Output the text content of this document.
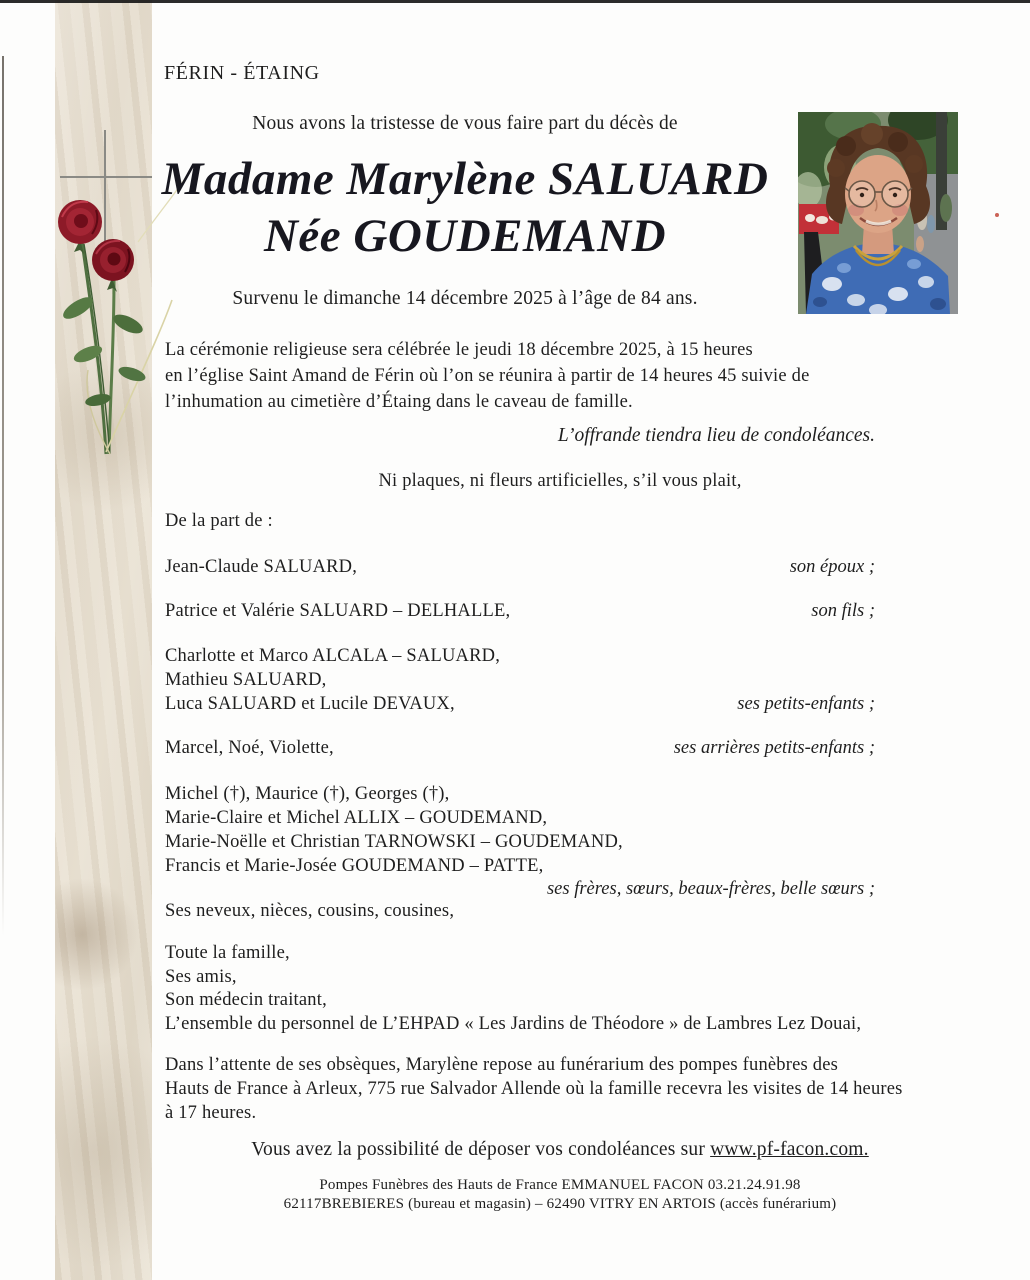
FÉRIN - ÉTAING
Nous avons la tristesse de vous faire part du décès de
Madame Marylène SALUARD
Née GOUDEMAND
Survenu le dimanche 14 décembre 2025 à l’âge de 84 ans.
La cérémonie religieuse sera célébrée le jeudi 18 décembre 2025, à 15 heures
en l’église Saint Amand de Férin où l’on se réunira à partir de 14 heures 45 suivie de
l’inhumation au cimetière d’Étaing dans le caveau de famille.
L’offrande tiendra lieu de condoléances.
Ni plaques, ni fleurs artificielles, s’il vous plait,
De la part de :
Jean-Claude SALUARD,	son époux ;
Patrice et Valérie SALUARD – DELHALLE,	son fils ;
Charlotte et Marco ALCALA – SALUARD,
Mathieu SALUARD,
Luca SALUARD et Lucile DEVAUX,	ses petits-enfants ;
Marcel, Noé, Violette,	ses arrières petits-enfants ;
Michel (†), Maurice (†), Georges (†),
Marie-Claire et Michel ALLIX – GOUDEMAND,
Marie-Noëlle et Christian TARNOWSKI – GOUDEMAND,
Francis et Marie-Josée GOUDEMAND – PATTE,
ses frères, sœurs, beaux-frères, belle sœurs ;
Ses neveux, nièces, cousins, cousines,
Toute la famille,
Ses amis,
Son médecin traitant,
L’ensemble du personnel de L’EHPAD « Les Jardins de Théodore » de Lambres Lez Douai,
Dans l’attente de ses obsèques, Marylène repose au funérarium des pompes funèbres des
Hauts de France à Arleux, 775 rue Salvador Allende où la famille recevra les visites de 14 heures
à 17 heures.
Vous avez la possibilité de déposer vos condoléances sur www.pf-facon.com.
Pompes Funèbres des Hauts de France EMMANUEL FACON 03.21.24.91.98
62117BREBIERES (bureau et magasin) – 62490 VITRY EN ARTOIS (accès funérarium)
